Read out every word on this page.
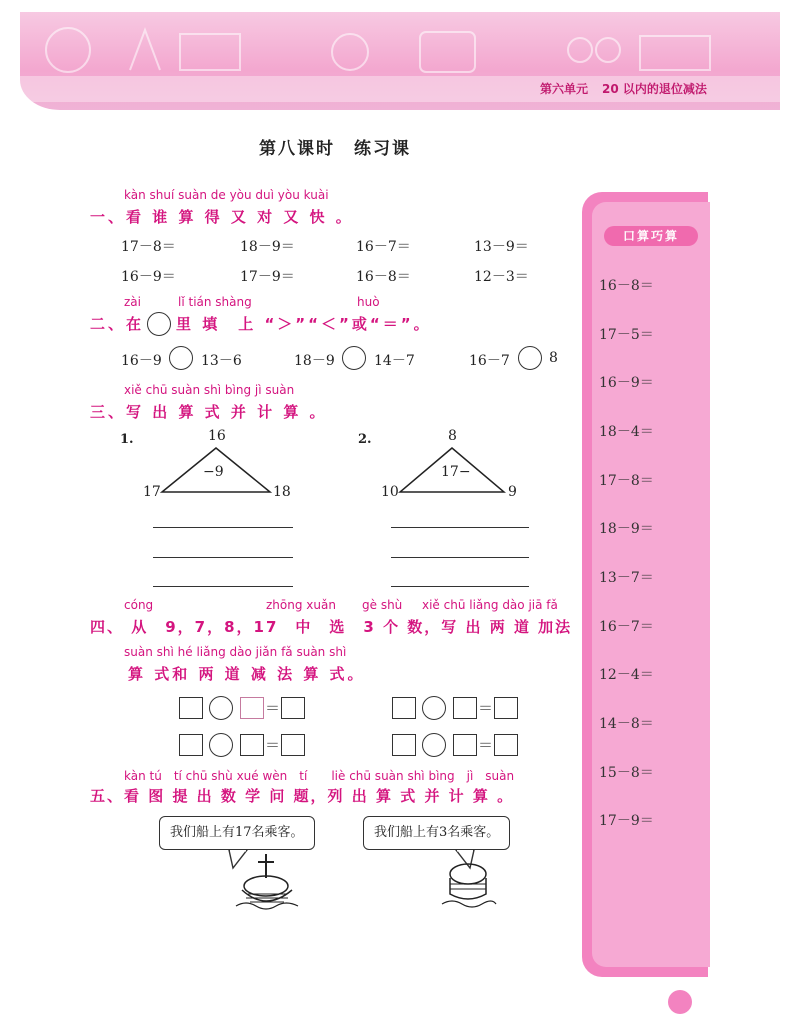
第六单元 20 以内的退位减法
第八课时　练习课
kàn shuí suàn de yòu duì yòu kuài
一、看 谁 算 得 又 对 又 快 。
17－8＝	18－9＝	16－7＝	13－9＝
16－9＝	17－9＝	16－8＝	12－3＝
zài	lǐ tián shàng	huò
二、在 里 填　上 “＞”“＜”或“＝”。
16－9	13－6	18－9	14－7	16－7	8
xiě chū suàn shì bìng jì suàn
三、写 出 算 式 并 计 算 。
1.	16
17	18
−9
2.	8
10	9
17−
cóng	zhōng xuǎn gè shù xiě chū liǎng dào jiā fǎ
四、 从　9，7，8，17　中　选　3 个 数，写 出 两 道 加法
suàn shì hé liǎng dào jiǎn fǎ suàn shì
算 式和 两 道 减 法 算 式。
＝
＝
＝
＝
kàn tú　tí chū shù xué wèn　tí　　liè chū suàn shì bìng　jì　suàn
五、看 图 提 出 数 学 问 题，列 出 算 式 并 计 算 。
我们船上有17名乘客。	我们船上有3名乘客。
口算巧算
16－8＝
17－5＝
16－9＝
18－4＝
17－8＝
18－9＝
13－7＝
16－7＝
12－4＝
14－8＝
15－8＝
17－9＝
